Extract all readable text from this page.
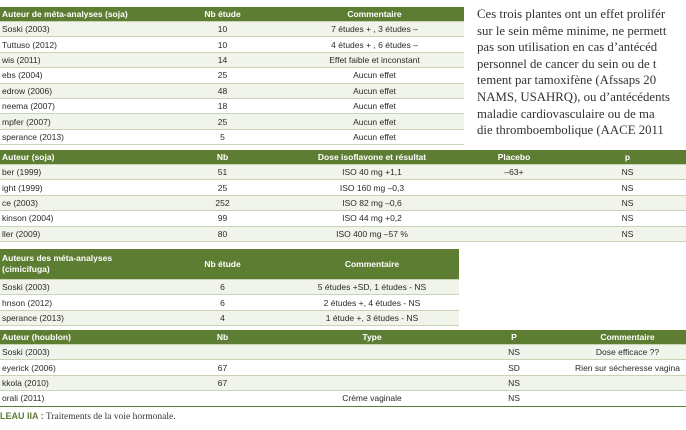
Auteur de méta-analyses (soja)	Nb étude	Commentaire
Soski (2003)	10	7 études + , 3 études –
Tuttuso (2012)	10	4 études + , 6 études –
wis (2011)	14	Effet faible et inconstant
ebs (2004)	25	Aucun effet
edrow (2006)	48	Aucun effet
neema (2007)	18	Aucun effet
mpfer (2007)	25	Aucun effet
sperance (2013)	5	Aucun effet
Ces trois plantes ont un effet prolifér
sur le sein même minime, ne permett
pas son utilisation en cas d’antécéd
personnel de cancer du sein ou de t
tement par tamoxifène (Afssaps 20
NAMS, USAHRQ), ou d’antécédents
maladie cardiovasculaire ou de ma
die thromboembolique (AACE 2011
Auteur (soja)	Nb	Dose isoflavone et résultat	Placebo	p
ber (1999)	51	ISO 40 mg +1,1	–63+	NS
ight (1999)	25	ISO 160 mg –0,3		NS
ce (2003)	252	ISO 82 mg –0,6		NS
kinson (2004)	99	ISO 44 mg +0,2		NS
ller (2009)	80	ISO 400 mg –57 %		NS
Auteurs des méta-analyses (cimicifuga)	Nb étude	Commentaire
Soski (2003)	6	5 études +SD, 1 études - NS
hnson (2012)	6	2 études +, 4 études - NS
sperance (2013)	4	1 étude +, 3 études - NS
Auteur (houblon)	Nb	Type	P	Commentaire
Soski (2003)			NS	Dose efficace ??
eyerick (2006)	67		SD	Rien sur sécheresse vagina
kkola (2010)	67		NS	
orali (2011)		Crème vaginale	NS	
LEAU IIA : Traitements de la voie hormonale.
